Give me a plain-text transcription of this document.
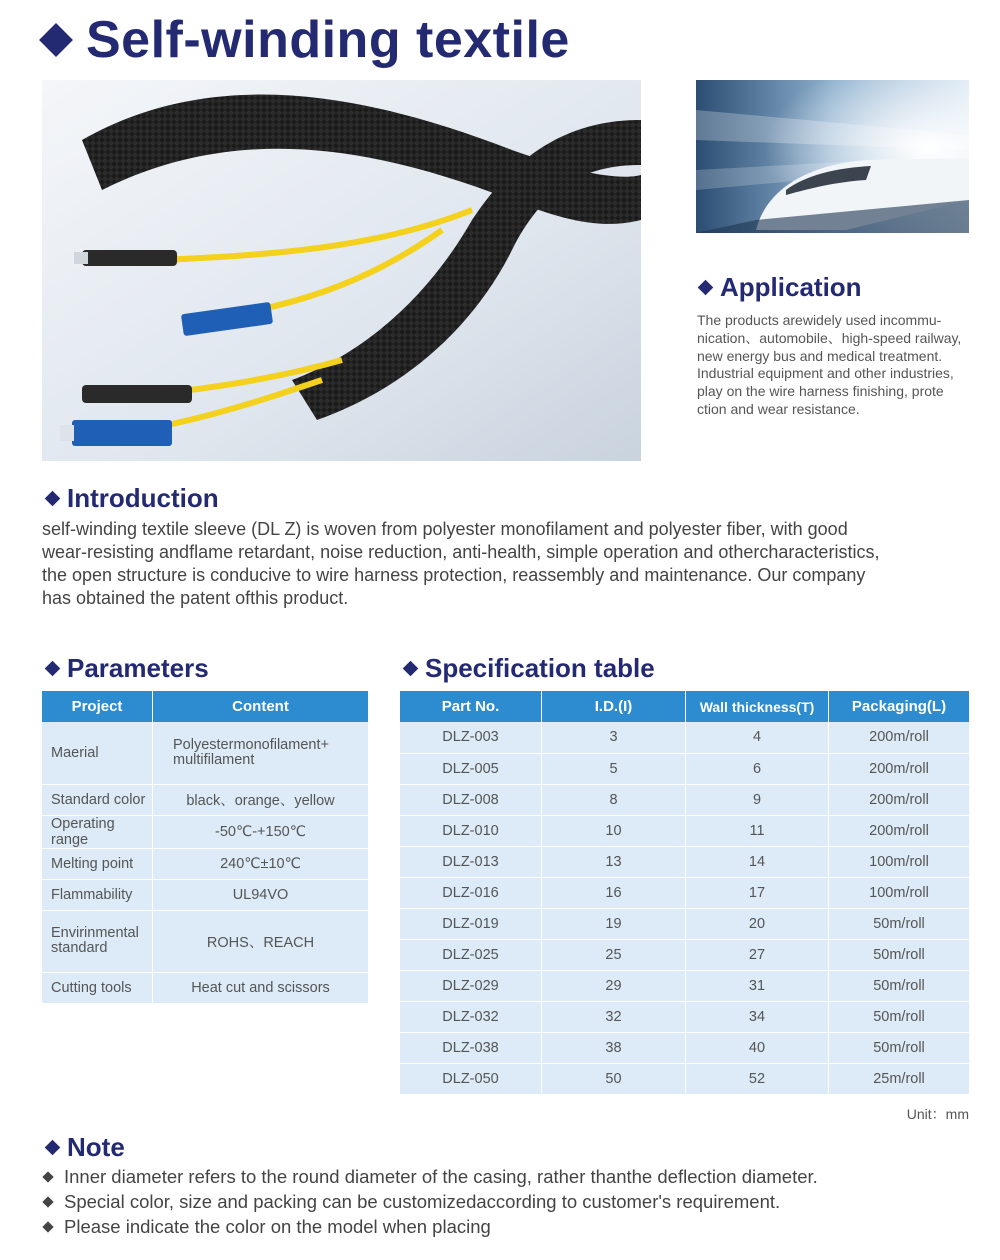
Self-winding textile
Application
The products arewidely used incommu-
nication、automobile、high-speed railway,
new energy bus and medical treatment.
Industrial equipment and other industries,
play on the wire harness finishing, prote
ction and wear resistance.
Introduction
self-winding textile sleeve (DL Z) is woven from polyester monofilament and polyester fiber, with good
wear-resisting andflame retardant, noise reduction, anti-health, simple operation and othercharacteristics,
the open structure is conducive to wire harness protection, reassembly and maintenance. Our company
has obtained the patent ofthis product.
Parameters
Project	Content
Maerial	Polyestermonofilament+ multifilament
Standard color	black、orange、yellow
Operating range	-50℃-+150℃
Melting point	240℃±10℃
Flammability	UL94VO
Envirinmental standard	ROHS、REACH
Cutting tools	Heat cut and scissors
Specification table
Part No.	I.D.(I)	Wall thickness(T)	Packaging(L)
DLZ-003	3	4	200m/roll
DLZ-005	5	6	200m/roll
DLZ-008	8	9	200m/roll
DLZ-010	10	11	200m/roll
DLZ-013	13	14	100m/roll
DLZ-016	16	17	100m/roll
DLZ-019	19	20	50m/roll
DLZ-025	25	27	50m/roll
DLZ-029	29	31	50m/roll
DLZ-032	32	34	50m/roll
DLZ-038	38	40	50m/roll
DLZ-050	50	52	25m/roll
Unit：mm
Note
Inner diameter refers to the round diameter of the casing, rather thanthe deflection diameter.
Special color, size and packing can be customizedaccording to customer's requirement.
Please indicate the color on the model when placing
